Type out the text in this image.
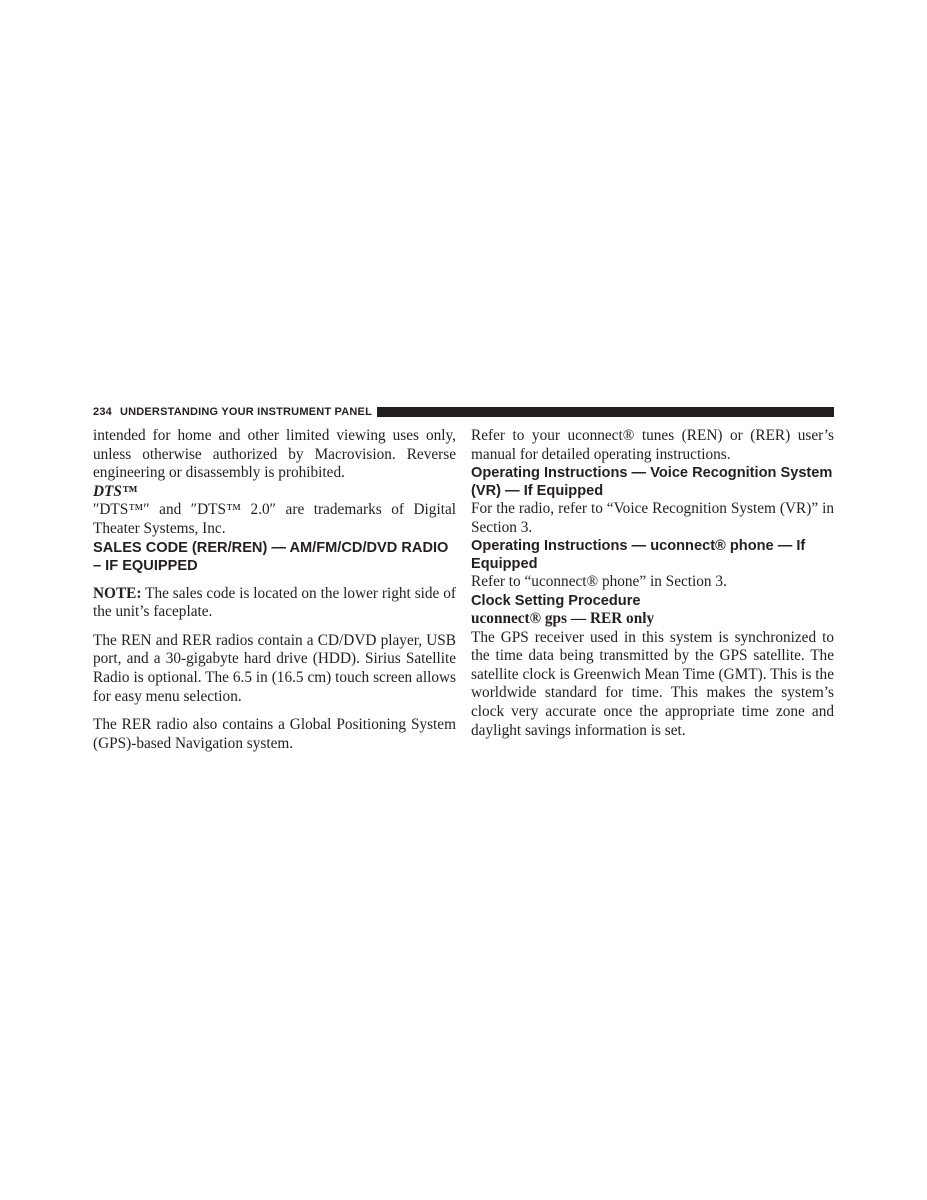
234 UNDERSTANDING YOUR INSTRUMENT PANEL

intended for home and other limited viewing uses only, unless otherwise authorized by Macrovision. Reverse engineering or disassembly is prohibited.

DTS™

″DTS™″ and ″DTS™ 2.0″ are trademarks of Digital Theater Systems, Inc.

SALES CODE (RER/REN) — AM/FM/CD/DVD RADIO – IF EQUIPPED

NOTE: The sales code is located on the lower right side of the unit’s faceplate.

The REN and RER radios contain a CD/DVD player, USB port, and a 30-gigabyte hard drive (HDD). Sirius Satellite Radio is optional. The 6.5 in (16.5 cm) touch screen allows for easy menu selection.

The RER radio also contains a Global Positioning System (GPS)-based Navigation system.

Refer to your uconnect® tunes (REN) or (RER) user’s manual for detailed operating instructions.

Operating Instructions — Voice Recognition System (VR) — If Equipped

For the radio, refer to “Voice Recognition System (VR)” in Section 3.

Operating Instructions — uconnect® phone — If Equipped

Refer to “uconnect® phone” in Section 3.

Clock Setting Procedure

uconnect® gps — RER only

The GPS receiver used in this system is synchronized to the time data being transmitted by the GPS satellite. The satellite clock is Greenwich Mean Time (GMT). This is the worldwide standard for time. This makes the system’s clock very accurate once the appropriate time zone and daylight savings information is set.
